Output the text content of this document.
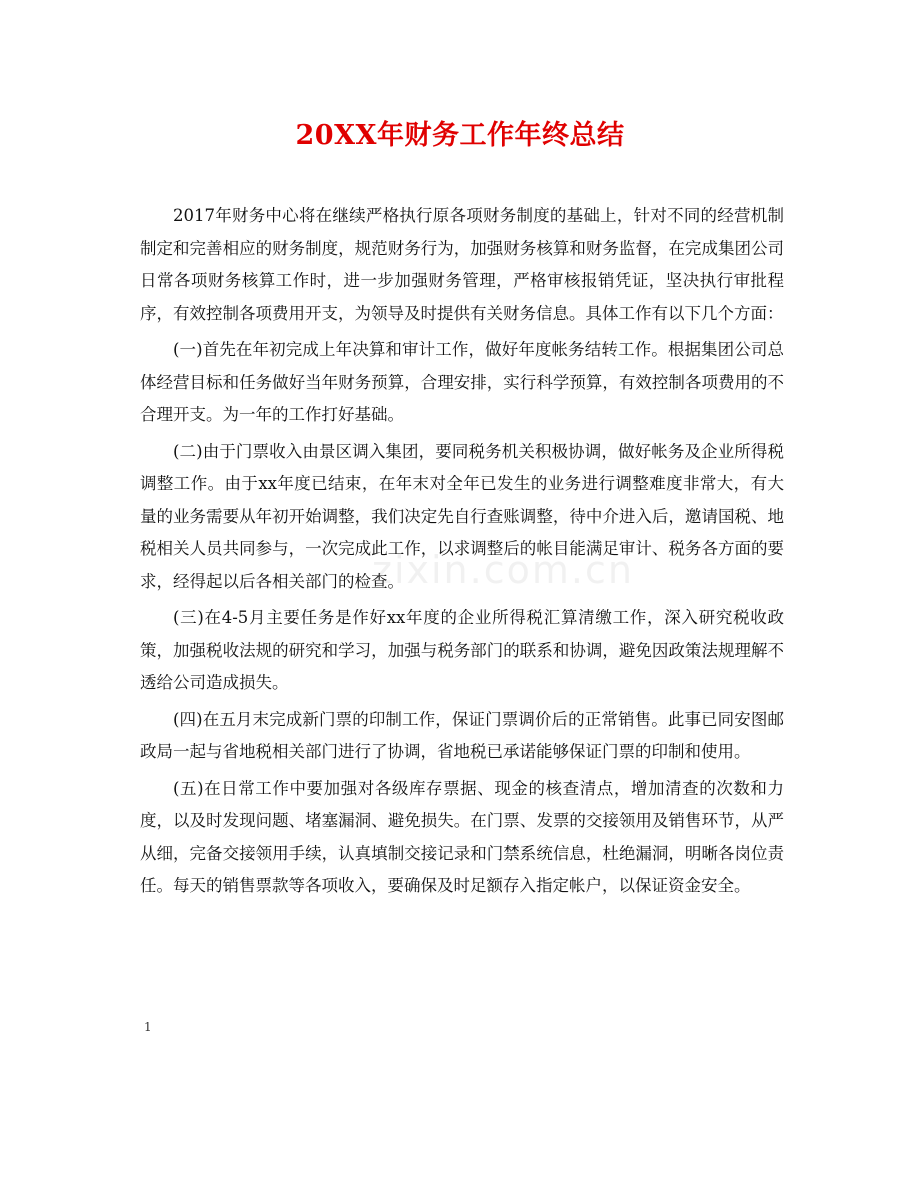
20XX年财务工作年终总结

2017年财务中心将在继续严格执行原各项财务制度的基础上，针对不同的经营机制制定和完善相应的财务制度，规范财务行为，加强财务核算和财务监督，在完成集团公司日常各项财务核算工作时，进一步加强财务管理，严格审核报销凭证，坚决执行审批程序，有效控制各项费用开支，为领导及时提供有关财务信息。具体工作有以下几个方面：

(一)首先在年初完成上年决算和审计工作，做好年度帐务结转工作。根据集团公司总体经营目标和任务做好当年财务预算，合理安排，实行科学预算，有效控制各项费用的不合理开支。为一年的工作打好基础。

(二)由于门票收入由景区调入集团，要同税务机关积极协调，做好帐务及企业所得税调整工作。由于xx年度已结束，在年末对全年已发生的业务进行调整难度非常大，有大量的业务需要从年初开始调整，我们决定先自行查账调整，待中介进入后，邀请国税、地税相关人员共同参与，一次完成此工作，以求调整后的帐目能满足审计、税务各方面的要求，经得起以后各相关部门的检查。

(三)在4-5月主要任务是作好xx年度的企业所得税汇算清缴工作，深入研究税收政策，加强税收法规的研究和学习，加强与税务部门的联系和协调，避免因政策法规理解不透给公司造成损失。

(四)在五月末完成新门票的印制工作，保证门票调价后的正常销售。此事已同安图邮政局一起与省地税相关部门进行了协调，省地税已承诺能够保证门票的印制和使用。

(五)在日常工作中要加强对各级库存票据、现金的核查清点，增加清查的次数和力度，以及时发现问题、堵塞漏洞、避免损失。在门票、发票的交接领用及销售环节，从严从细，完备交接领用手续，认真填制交接记录和门禁系统信息，杜绝漏洞，明晰各岗位责任。每天的销售票款等各项收入，要确保及时足额存入指定帐户，以保证资金安全。

zixin.com.cn
1
